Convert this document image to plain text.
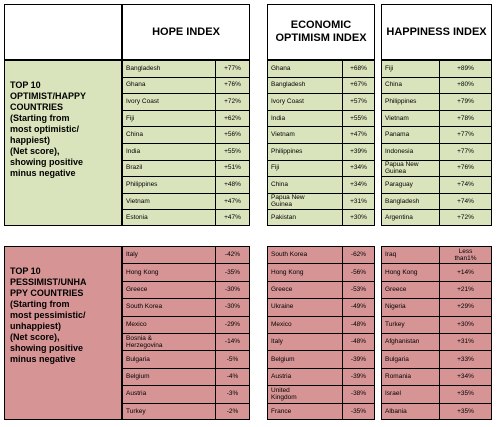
HOPE INDEX
ECONOMIC OPTIMISM INDEX
HAPPINESS INDEX
TOP 10
OPTIMIST/HAPPY
COUNTRIES
(Starting from
most optimistic/
happiest)
(Net score),
showing positive
minus negative
Bangladesh	+77%
Ghana	+76%
Ivory Coast	+72%
Fiji	+62%
China	+56%
India	+55%
Brazil	+51%
Philippines	+48%
Vietnam	+47%
Estonia	+47%
Ghana	+68%
Bangladesh	+67%
Ivory Coast	+57%
India	+55%
Vietnam	+47%
Philippines	+39%
Fiji	+34%
China	+34%
Papua New
Guinea	+31%
Pakistan	+30%
Fiji	+89%
China	+80%
Philippines	+79%
Vietnam	+78%
Panama	+77%
Indonesia	+77%
Papua New
Guinea	+76%
Paraguay	+74%
Bangladesh	+74%
Argentina	+72%
TOP 10
PESSIMIST/UNHA
PPY COUNTRIES
(Starting from
most pessimistic/
unhappiest)
(Net score),
showing positive
minus negative
Italy	-42%
Hong Kong	-35%
Greece	-30%
South Korea	-30%
Mexico	-29%
Bosnia &
Herzegovina	-14%
Bulgaria	-5%
Belgium	-4%
Austria	-3%
Turkey	-2%
South Korea	-62%
Hong Kong	-56%
Greece	-53%
Ukraine	-49%
Mexico	-48%
Italy	-48%
Belgium	-39%
Austria	-39%
United
Kingdom	-38%
France	-35%
Iraq	Less
than1%
Hong Kong	+14%
Greece	+21%
Nigeria	+29%
Turkey	+30%
Afghanistan	+31%
Bulgaria	+33%
Romania	+34%
Israel	+35%
Albania	+35%
